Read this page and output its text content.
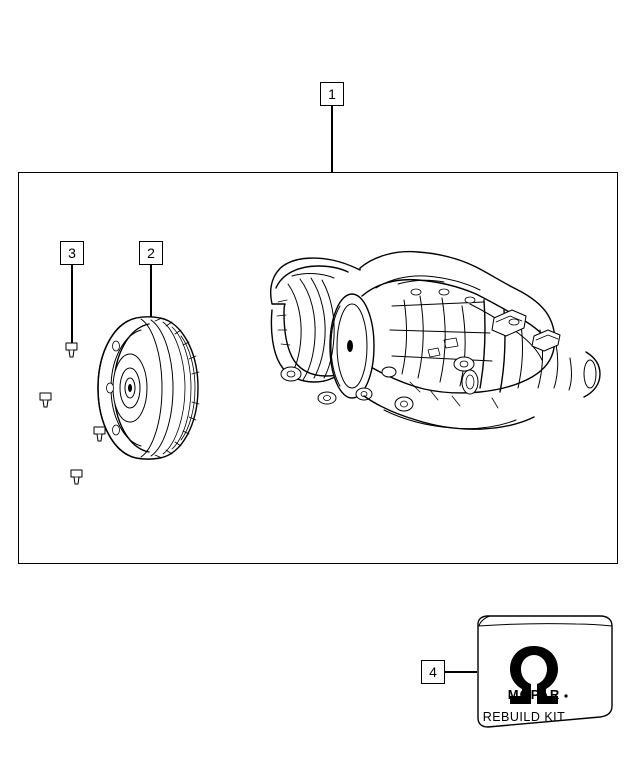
1
3	2
4
MOPAR
REBUILD KIT
